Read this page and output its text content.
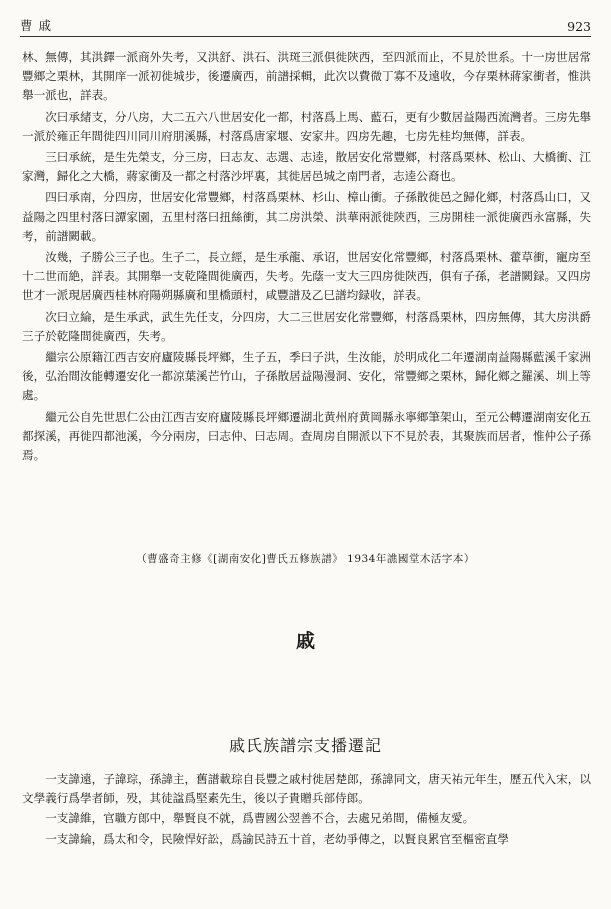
曹戚	923

林、無傳，其洪鐸一派商外失考，又洪舒、洪石、洪斑三派俱徙陝西，至四派而止，不見於世系。十一房世居常豐鄉之栗林，其開庠一派初徙城步，後遷廣西，前譜採輯，此次以費微丁寡不及遠收，今存栗林蔣家衝者，惟洪舉一派也，詳表。

次曰承緒支，分八房，大二五六八世居安化一都，村落爲上馬、藍石，更有少數居益陽西流灣者。三房先舉一派於雍正年間徙四川同川府朋溪縣，村落爲唐家堰、安家井。四房先趣，七房先桂均無傳，詳表。

三曰承統，是生先榮支，分三房，曰志友、志選、志逵，散居安化常豐鄉，村落爲栗林、松山、大橋衝、江家灣，歸化之大橋，蔣家衝及一都之村落沙坪裏，其徙居邑城之南門者，志逵公裔也。

四曰承南，分四房，世居安化常豐鄉，村落爲栗林、杉山、樟山衝。子孫散徙邑之歸化鄉，村落爲山口，又益陽之四里村落曰譚家園，五里村落曰扭絲衝，其二房洪榮、洪華兩派徙陝西，三房開桂一派徙廣西永富縣，失考，前譜闕載。

汝幾，子勝公三子也。生子二，長立經，是生承龍、承诏，世居安化常豐鄉，村落爲栗林、藿草衝，寵房至十二世而絶，詳表。其開舉一支乾隆間徙廣西，失考。先蔭一支大三四房徙陝西，俱有子孫，老譜闕録。又四房世才一派現居廣西桂林府陽朔縣廣和里橋頭村，咸豐譜及乙巳譜均録收，詳表。

次曰立綸，是生承武，武生先任支，分四房，大二三世居安化常豐鄉，村落爲栗林，四房無傳，其大房洪爵三子於乾隆間徙廣西，失考。

繼宗公原籍江西吉安府廬陵縣長坪鄉，生子五，季曰子洪，生汝能，於明成化二年遷湖南益陽縣藍溪千家洲後，弘治間汝能轉遷安化一都涼葉溪芒竹山，子孫散居益陽漫洞、安化，常豐鄉之栗林，歸化鄉之羅溪、圳上等處。

繼元公自先世思仁公由江西吉安府廬陵縣長坪鄉遷湖北黄州府黄岡縣永寧鄉筆架山，至元公轉遷湖南安化五都探溪，再徙四都池溪，今分兩房，曰志仲、曰志周。查周房自開派以下不見於表，其聚族而居者，惟仲公子孫焉。

（曹盛奇主修《[湖南安化]曹氏五修族譜》 1934年譙國堂木活字本）
戚
戚氏族譜宗支播遷記

一支諱遠，子諱琮，孫諱主，舊譜載琮自長豐之戚村徙居楚郎，孫諱同文，唐天祐元年生，歷五代入宋，以文學義行爲學者師，殁，其徒諡爲堅素先生，後以子貴贈兵部侍郎。

一支諱維，官職方郎中，舉賢良不就，爲曹國公翌善不合，去處兄弟間，備極友愛。

一支諱綸，爲太和令，民險悍好訟，爲諭民詩五十首，老幼爭傳之，以賢良累官至樞密直學
